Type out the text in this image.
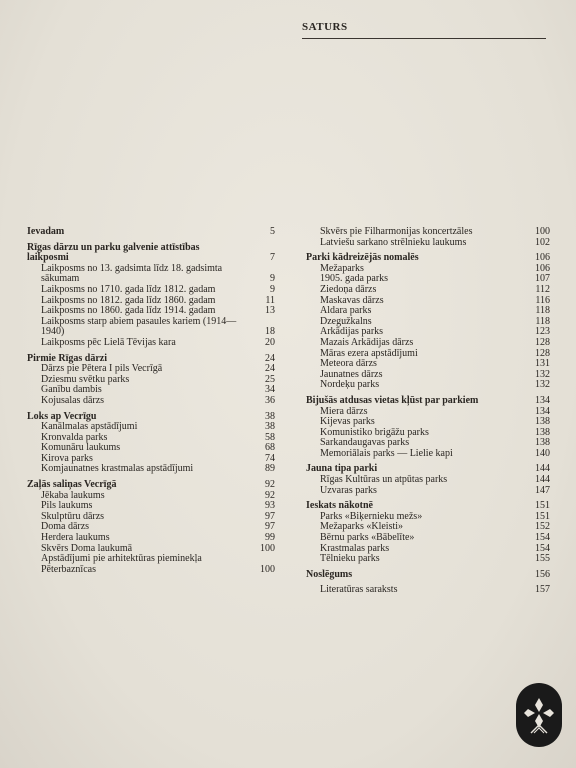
SATURS
Ievadam	5
Rīgas dārzu un parku galvenie attīstības laikposmi	7
Laikposms no 13. gadsimta līdz 18. gadsimta sākumam	9
Laikposms no 1710. gada līdz 1812. gadam	9
Laikposms no 1812. gada līdz 1860. gadam	11
Laikposms no 1860. gada līdz 1914. gadam	13
Laikposms starp abiem pasaules kariem (1914—1940)	18
Laikposms pēc Lielā Tēvijas kara	20
Pirmie Rīgas dārzi	24
Dārzs pie Pētera I pils Vecrīgā	24
Dziesmu svētku parks	25
Ganību dambis	34
Kojusalas dārzs	36
Loks ap Vecrīgu	38
Kanālmalas apstādījumi	38
Kronvalda parks	58
Komunāru laukums	68
Kirova parks	74
Komjaunatnes krastmalas apstādījumi	89
Zaļās saliņas Vecrīgā	92
Jēkaba laukums	92
Pils laukums	93
Skulptūru dārzs	97
Doma dārzs	97
Herdera laukums	99
Skvērs Doma laukumā	100
Apstādījumi pie arhitektūras pieminekļa Pēterbaznīcas	100
Skvērs pie Filharmonijas koncertzāles	100
Latviešu sarkano strēlnieku laukums	102
Parki kādreizējās nomalēs	106
Mežaparks	106
1905. gada parks	107
Ziedoņa dārzs	112
Maskavas dārzs	116
Aldara parks	118
Dzegužkalns	118
Arkādijas parks	123
Mazais Arkādijas dārzs	128
Māras ezera apstādījumi	128
Meteora dārzs	131
Jaunatnes dārzs	132
Nordeķu parks	132
Bijušās atdusas vietas kļūst par parkiem	134
Miera dārzs	134
Kijevas parks	138
Komunistiko brigāžu parks	138
Sarkandaugavas parks	138
Memoriālais parks — Lielie kapi	140
Jauna tipa parki	144
Rīgas Kultūras un atpūtas parks	144
Uzvaras parks	147
Ieskats nākotnē	151
Parks «Biķernieku mežs»	151
Mežaparks «Kleisti»	152
Bērnu parks «Bābelīte»	154
Krastmalas parks	154
Tēlnieku parks	155
Noslēgums	156
Literatūras saraksts	157
